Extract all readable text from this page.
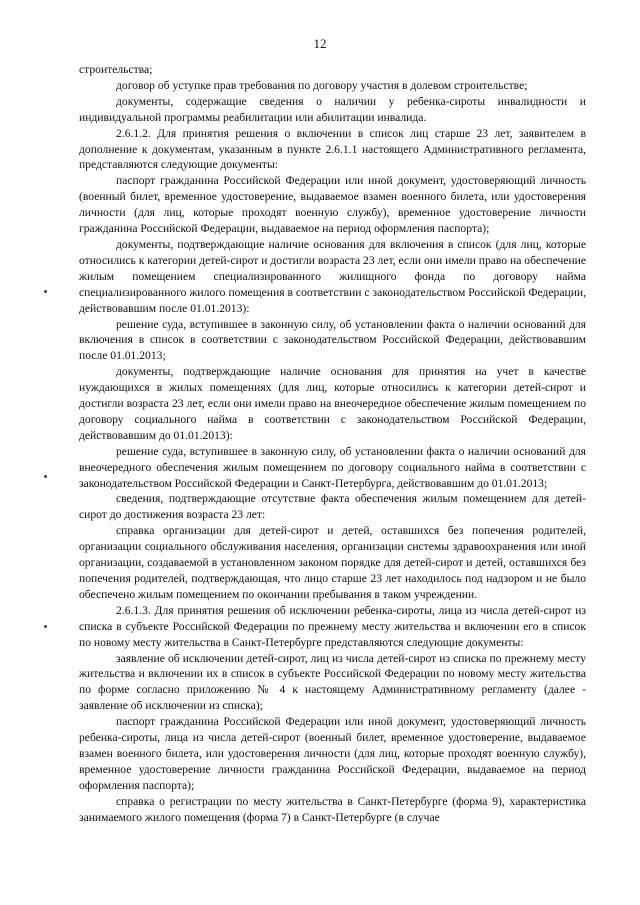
12

строительства;

договор об уступке прав требования по договору участия в долевом строительстве;

документы, содержащие сведения о наличии у ребенка-сироты инвалидности и индивидуальной программы реабилитации или абилитации инвалида.

2.6.1.2. Для принятия решения о включении в список лиц старше 23 лет, заявителем в дополнение к документам, указанным в пункте 2.6.1.1 настоящего Административного регламента, представляются следующие документы:

паспорт гражданина Российской Федерации или иной документ, удостоверяющий личность (военный билет, временное удостоверение, выдаваемое взамен военного билета, или удостоверения личности (для лиц, которые проходят военную службу), временное удостоверение личности гражданина Российской Федерации, выдаваемое на период оформления паспорта);

документы, подтверждающие наличие основания для включения в список (для лиц, которые относились к категории детей-сирот и достигли возраста 23 лет, если они имели право на обеспечение жилым помещением специализированного жилищного фонда по договору найма специализированного жилого помещения в соответствии с законодательством Российской Федерации, действовавшим после 01.01.2013):

решение суда, вступившее в законную силу, об установлении факта о наличии оснований для включения в список в соответствии с законодательством Российской Федерации, действовавшим после 01.01.2013;

документы, подтверждающие наличие основания для принятия на учет в качестве нуждающихся в жилых помещениях (для лиц, которые относились к категории детей-сирот и достигли возраста 23 лет, если они имели право на внеочередное обеспечение жилым помещением по договору социального найма в соответствии с законодательством Российской Федерации, действовавшим до 01.01.2013):

решение суда, вступившее в законную силу, об установлении факта о наличии оснований для внеочередного обеспечения жилым помещением по договору социального найма в соответствии с законодательством Российской Федерации и Санкт-Петербурга, действовавшим до 01.01.2013;

сведения, подтверждающие отсутствие факта обеспечения жилым помещением для детей-сирот до достижения возраста 23 лет:

справка организации для детей-сирот и детей, оставшихся без попечения родителей, организации социального обслуживания населения, организации системы здравоохранения или иной организации, создаваемой в установленном законом порядке для детей-сирот и детей, оставшихся без попечения родителей, подтверждающая, что лицо старше 23 лет находилось под надзором и не было обеспечено жилым помещением по окончании пребывания в таком учреждении.

2.6.1.3. Для принятия решения об исключении ребенка-сироты, лица из числа детей-сирот из списка в субъекте Российской Федерации по прежнему месту жительства и включении его в список по новому месту жительства в Санкт-Петербурге представляются следующие документы:

заявление об исключении детей-сирот, лиц из числа детей-сирот из списка по прежнему месту жительства и включении их в список в субъекте Российской Федерации по новому месту жительства по форме согласно приложению № 4 к настоящему Административному регламенту (далее - заявление об исключении из списка);

паспорт гражданина Российской Федерации или иной документ, удостоверяющий личность ребенка-сироты, лица из числа детей-сирот (военный билет, временное удостоверение, выдаваемое взамен военного билета, или удостоверения личности (для лиц, которые проходят военную службу), временное удостоверение личности гражданина Российской Федерации, выдаваемое на период оформления паспорта);

справка о регистрации по месту жительства в Санкт-Петербурге (форма 9), характеристика занимаемого жилого помещения (форма 7) в Санкт-Петербурге (в случае
